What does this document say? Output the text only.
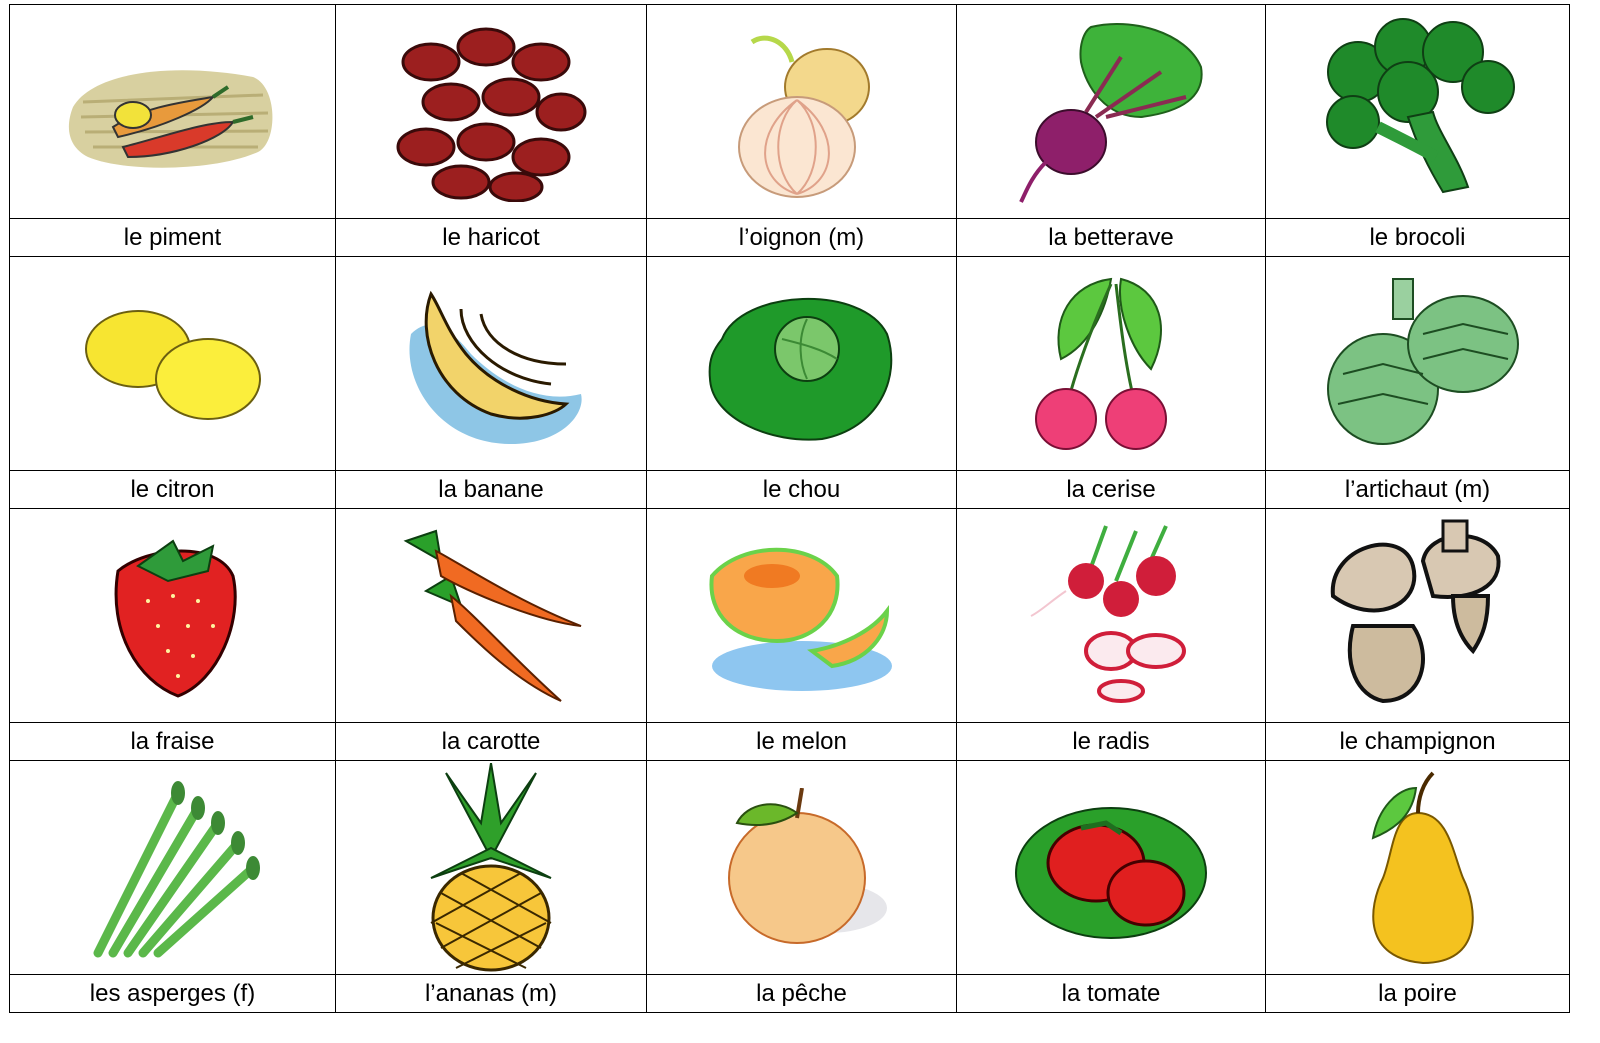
le piment	le haricot	l’oignon (m)	la betterave	le brocoli

le citron	la banane	le chou	la cerise	l’artichaut (m)

la fraise	la carotte	le melon	le radis	le champignon

les asperges (f)	l’ananas (m)	la pêche	la tomate	la poire
